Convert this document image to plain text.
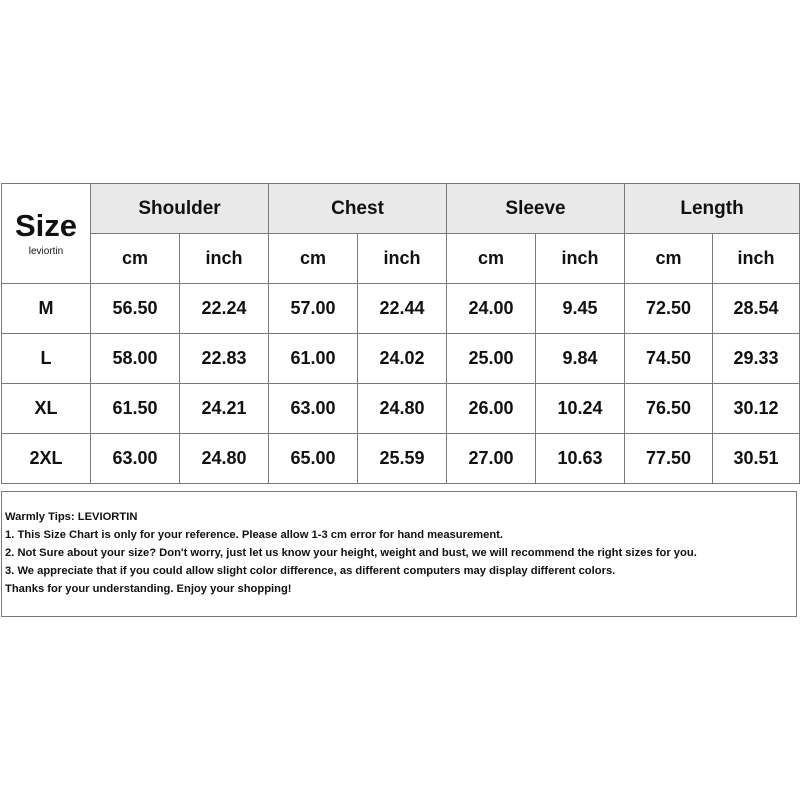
Size
leviortin	Shoulder		Chest		Sleeve		Length	
	cm	inch	cm	inch	cm	inch	cm	inch
M	56.50	22.24	57.00	22.44	24.00	9.45	72.50	28.54
L	58.00	22.83	61.00	24.02	25.00	9.84	74.50	29.33
XL	61.50	24.21	63.00	24.80	26.00	10.24	76.50	30.12
2XL	63.00	24.80	65.00	25.59	27.00	10.63	77.50	30.51
Warmly Tips: LEVIORTIN
1. This Size Chart is only for your reference. Please allow 1-3 cm error for hand measurement.
2. Not Sure about your size? Don't worry, just let us know your height, weight and bust, we will recommend the right sizes for you.
3. We appreciate that if you could allow slight color difference, as different computers may display different colors.
Thanks for your understanding. Enjoy your shopping!
